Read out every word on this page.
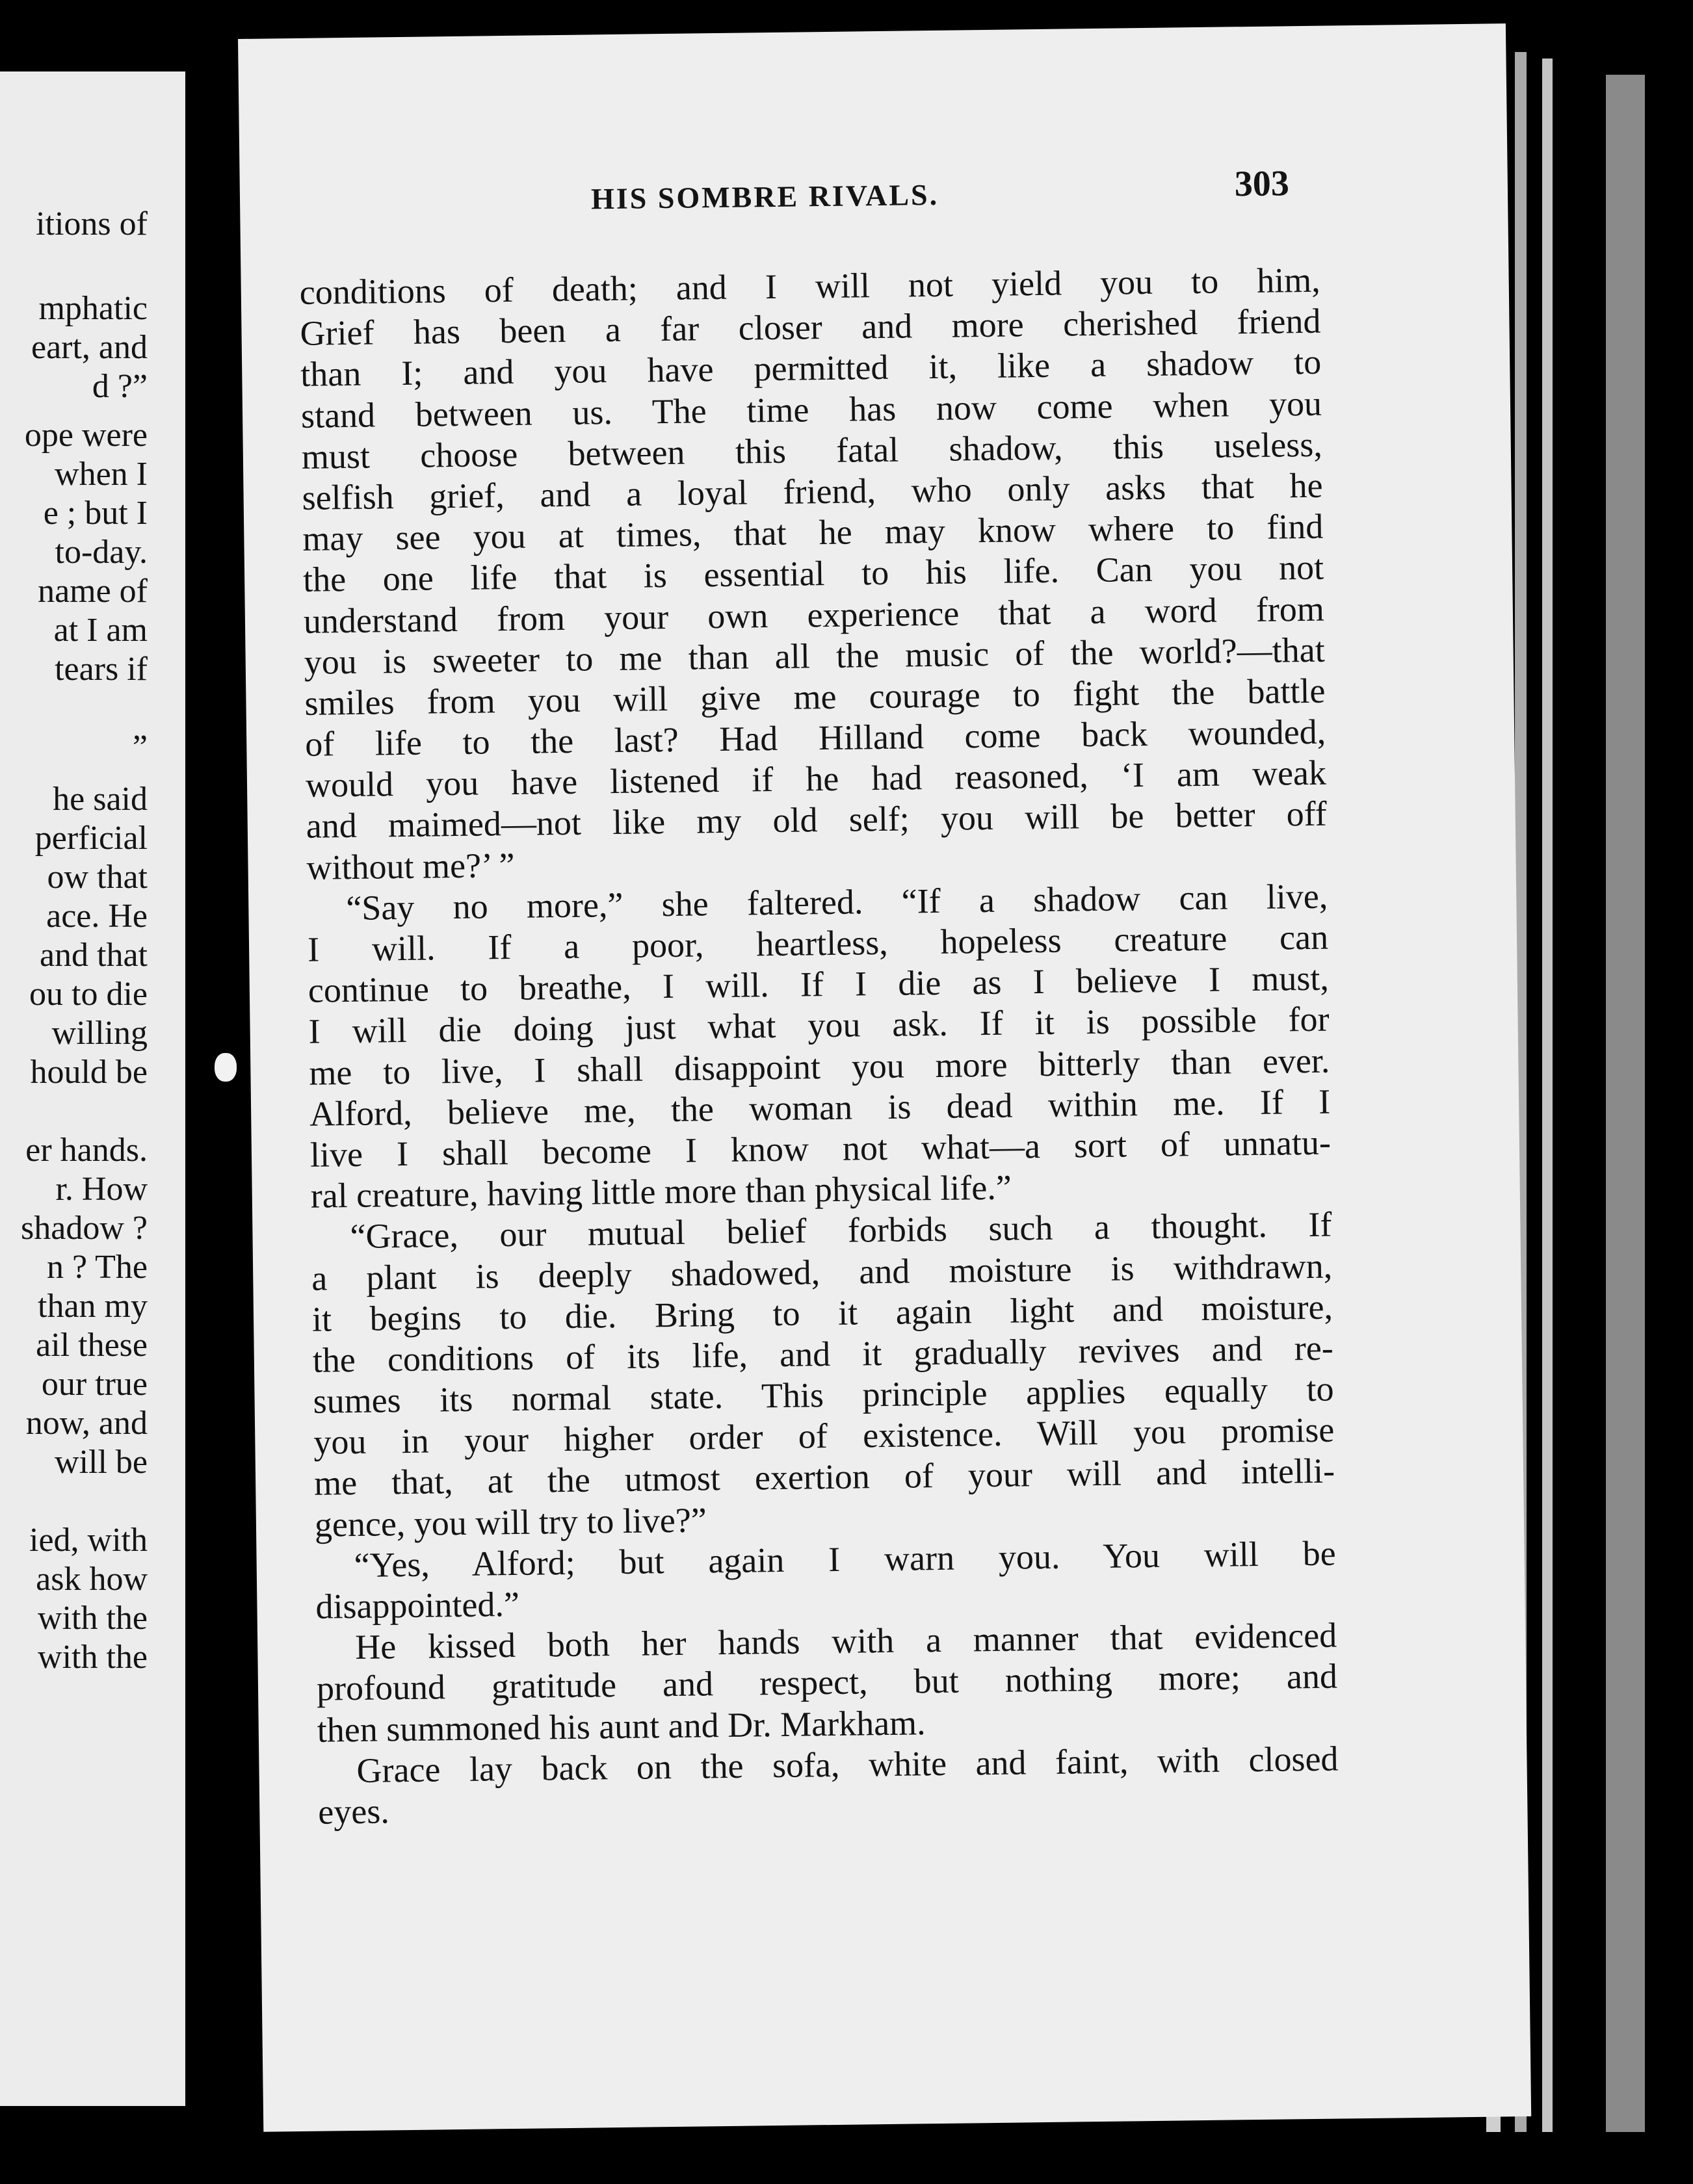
itions of
mphatic
eart, and
d ?”
ope were
when I
e ; but I
to-day.
name of
at I am
tears if
”
he said
perficial
ow that
ace. He
and that
ou to die
willing
hould be
er hands.
r. How
shadow ?
n ? The
than my
ail these
our true
now, and
will be
ied, with
ask how
with the
with the
HIS SOMBRE RIVALS.	303
conditions of death; and I will not yield you to him,
Grief has been a far closer and more cherished friend
than I; and you have permitted it, like a shadow to
stand between us. The time has now come when you
must choose between this fatal shadow, this useless,
selfish grief, and a loyal friend, who only asks that he
may see you at times, that he may know where to find
the one life that is essential to his life. Can you not
understand from your own experience that a word from
you is sweeter to me than all the music of the world?—that
smiles from you will give me courage to fight the battle
of life to the last? Had Hilland come back wounded,
would you have listened if he had reasoned, ‘I am weak
and maimed—not like my old self; you will be better off
without me?’ ”
“Say no more,” she faltered. “If a shadow can live,
I will. If a poor, heartless, hopeless creature can
continue to breathe, I will. If I die as I believe I must,
I will die doing just what you ask. If it is possible for
me to live, I shall disappoint you more bitterly than ever.
Alford, believe me, the woman is dead within me. If I
live I shall become I know not what—a sort of unnatu-
ral creature, having little more than physical life.”
“Grace, our mutual belief forbids such a thought. If
a plant is deeply shadowed, and moisture is withdrawn,
it begins to die. Bring to it again light and moisture,
the conditions of its life, and it gradually revives and re-
sumes its normal state. This principle applies equally to
you in your higher order of existence. Will you promise
me that, at the utmost exertion of your will and intelli-
gence, you will try to live?”
“Yes, Alford; but again I warn you. You will be
disappointed.”
He kissed both her hands with a manner that evidenced
profound gratitude and respect, but nothing more; and
then summoned his aunt and Dr. Markham.
Grace lay back on the sofa, white and faint, with closed
eyes.
